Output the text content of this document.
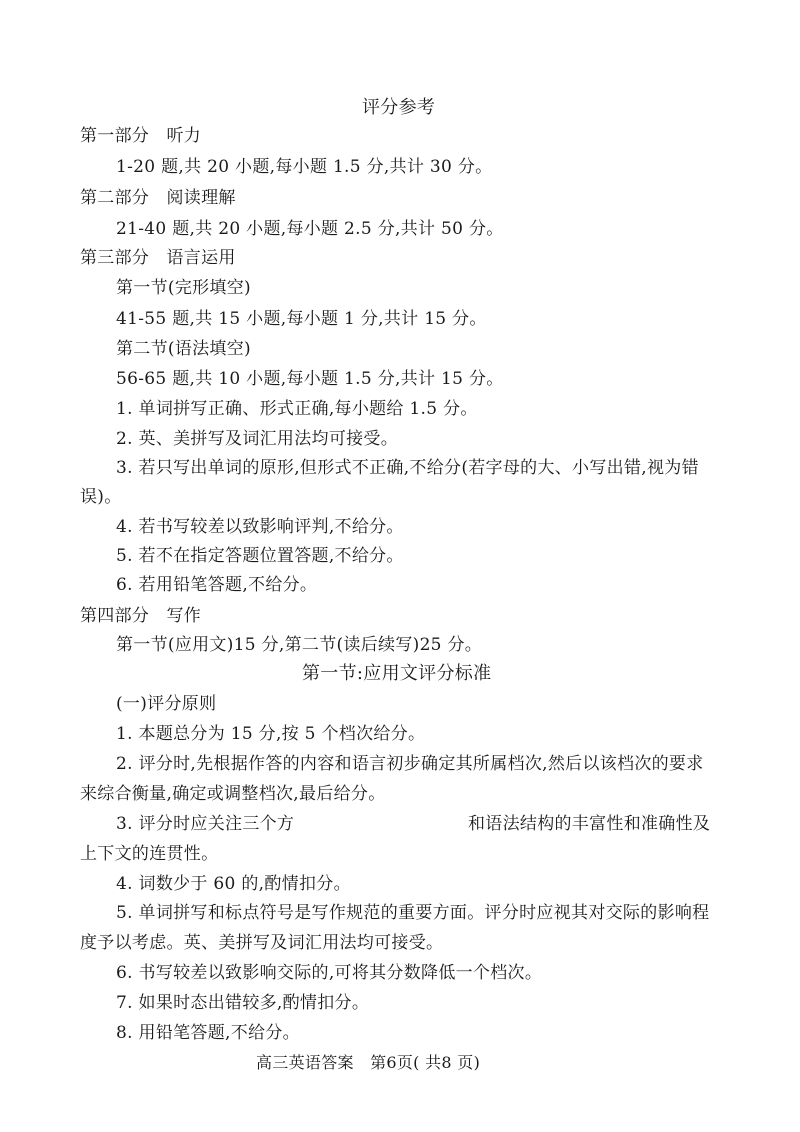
评分参考
第一部分　听力
1-20 题,共 20 小题,每小题 1.5 分,共计 30 分。
第二部分　阅读理解
21-40 题,共 20 小题,每小题 2.5 分,共计 50 分。
第三部分　语言运用
第一节(完形填空)
41-55 题,共 15 小题,每小题 1 分,共计 15 分。
第二节(语法填空)
56-65 题,共 10 小题,每小题 1.5 分,共计 15 分。
1. 单词拼写正确、形式正确,每小题给 1.5 分。
2. 英、美拼写及词汇用法均可接受。
3. 若只写出单词的原形,但形式不正确,不给分(若字母的大、小写出错,视为错
误)。
4. 若书写较差以致影响评判,不给分。
5. 若不在指定答题位置答题,不给分。
6. 若用铅笔答题,不给分。
第四部分　写作
第一节(应用文)15 分,第二节(读后续写)25 分。
第一节:应用文评分标准
(一)评分原则
1. 本题总分为 15 分,按 5 个档次给分。
2. 评分时,先根据作答的内容和语言初步确定其所属档次,然后以该档次的要求
来综合衡量,确定或调整档次,最后给分。
3. 评分时应关注三个方	和语法结构的丰富性和准确性及
上下文的连贯性。
4. 词数少于 60 的,酌情扣分。
5. 单词拼写和标点符号是写作规范的重要方面。评分时应视其对交际的影响程
度予以考虑。英、美拼写及词汇用法均可接受。
6. 书写较差以致影响交际的,可将其分数降低一个档次。
7. 如果时态出错较多,酌情扣分。
8. 用铅笔答题,不给分。
高三英语答案　第6页( 共8 页)
